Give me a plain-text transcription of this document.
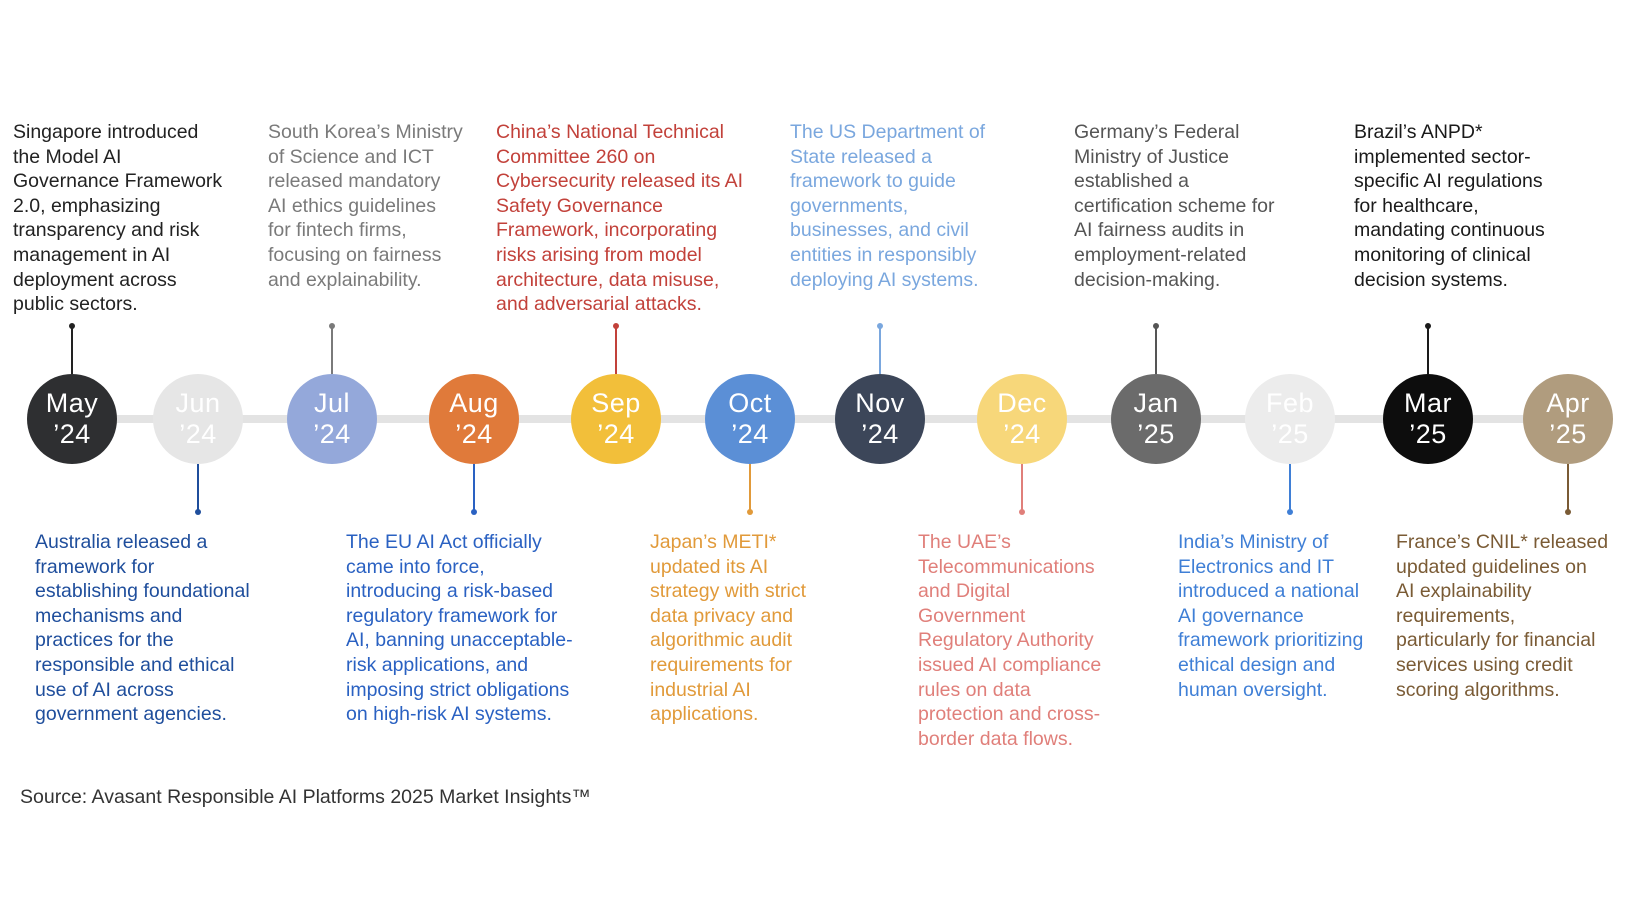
May
’24
Singapore introduced
the Model AI
Governance Framework
2.0, emphasizing
transparency and risk
management in AI
deployment across
public sectors.
Jun
’24
Australia released a
framework for
establishing foundational
mechanisms and
practices for the
responsible and ethical
use of AI across
government agencies.
Jul
’24
South Korea’s Ministry
of Science and ICT
released mandatory
AI ethics guidelines
for fintech firms,
focusing on fairness
and explainability.
Aug
’24
The EU AI Act officially
came into force,
introducing a risk-based
regulatory framework for
AI, banning unacceptable-
risk applications, and
imposing strict obligations
on high-risk AI systems.
Sep
’24
China’s National Technical
Committee 260 on
Cybersecurity released its AI
Safety Governance
Framework, incorporating
risks arising from model
architecture, data misuse,
and adversarial attacks.
Oct
’24
Japan’s METI*
updated its AI
strategy with strict
data privacy and
algorithmic audit
requirements for
industrial AI
applications.
Nov
’24
The US Department of
State released a
framework to guide
governments,
businesses, and civil
entities in responsibly
deploying AI systems.
Dec
’24
The UAE’s
Telecommunications
and Digital
Government
Regulatory Authority
issued AI compliance
rules on data
protection and cross-
border data flows.
Jan
’25
Germany’s Federal
Ministry of Justice
established a
certification scheme for
AI fairness audits in
employment-related
decision-making.
Feb
’25
India’s Ministry of
Electronics and IT
introduced a national
AI governance
framework prioritizing
ethical design and
human oversight.
Mar
’25
Brazil’s ANPD*
implemented sector-
specific AI regulations
for healthcare,
mandating continuous
monitoring of clinical
decision systems.
Apr
’25
France’s CNIL* released
updated guidelines on
AI explainability
requirements,
particularly for financial
services using credit
scoring algorithms.
Source: Avasant Responsible AI Platforms 2025 Market Insights™
